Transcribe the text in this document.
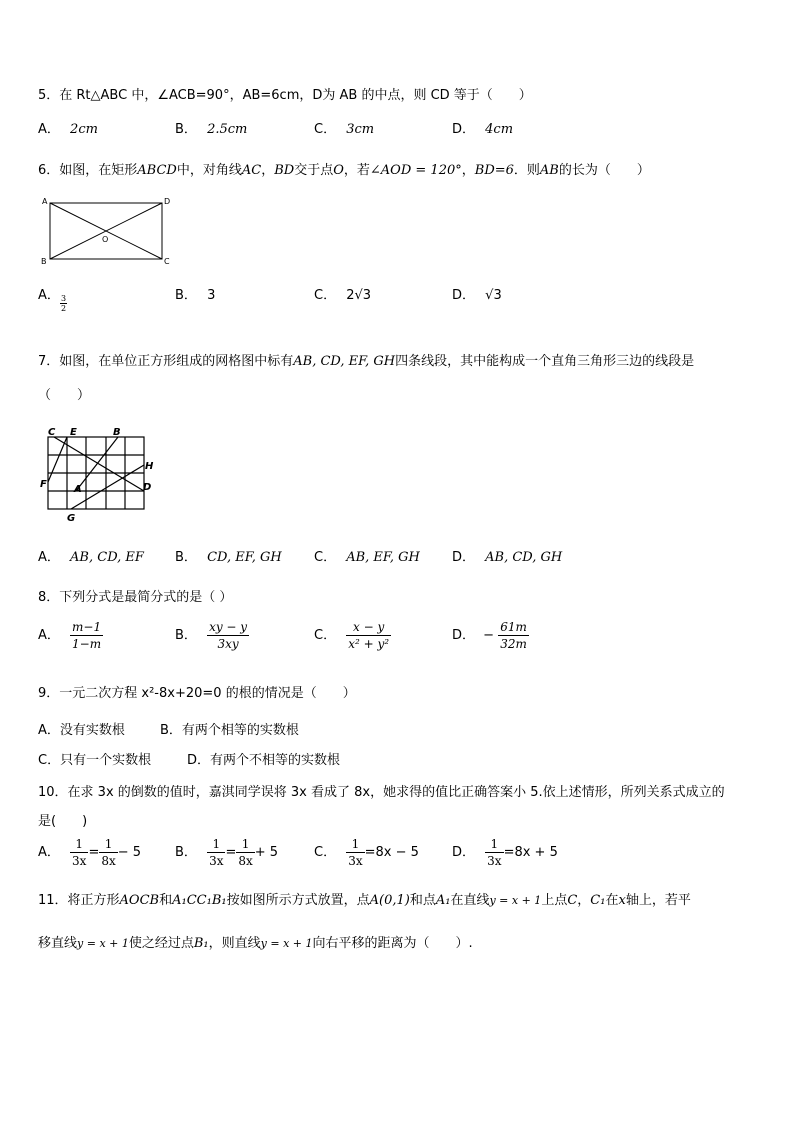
5．在 Rt△ABC 中，∠ACB=90°，AB=6cm，D为 AB 的中点，则 CD 等于（　　）
A． 2cm	B． 2.5cm	C． 3cm	D． 4cm
6．如图，在矩形ABCD中，对角线AC，BD交于点O，若∠AOD = 120°，BD=6．则AB的长为（　　）
A	D
B	C
O
A． $\frac{3}{2}$	B． 3	C． 2√3	D． √3
7．如图，在单位正方形组成的网格图中标有AB, CD, EF, GH四条线段，其中能构成一个直角三角形三边的线段是
（　　）
C E	B
H
F	A	D
G
A． AB, CD, EF B． CD, EF, GH C． AB, EF, GH D． AB, CD, GH
8．下列分式是最简分式的是（ ）
A． $\frac{m-1}{1-m}$	B． $\frac{xy - y}{3xy}$	C． $\frac{x - y}{\text{x² + y²}}$	D． − $\frac{61m}{32m}$
9．一元二次方程 x²-8x+20=0 的根的情况是（　　）
A．没有实数根	B．有两个相等的实数根
C．只有一个实数根	D．有两个不相等的实数根
10．在求 3x 的倒数的值时，嘉淇同学误将 3x 看成了 8x，她求得的值比正确答案小 5.依上述情形，所列关系式成立的
是(　　)
A． $\frac{1}{3x} = \frac{1}{8x} - 5$	B． $\frac{1}{3x} = \frac{1}{8x} + 5$	C． $\frac{1}{3x} =8x - 5$	D． $\frac{1}{3x} =8x + 5$
11．将正方形AOCB和A₁CC₁B₁按如图所示方式放置，点A(0,1)和点A₁在直线y = x + 1上点C，C₁在x轴上，若平
移直线y = x + 1使之经过点B₁，则直线y = x + 1向右平移的距离为（　　）.
